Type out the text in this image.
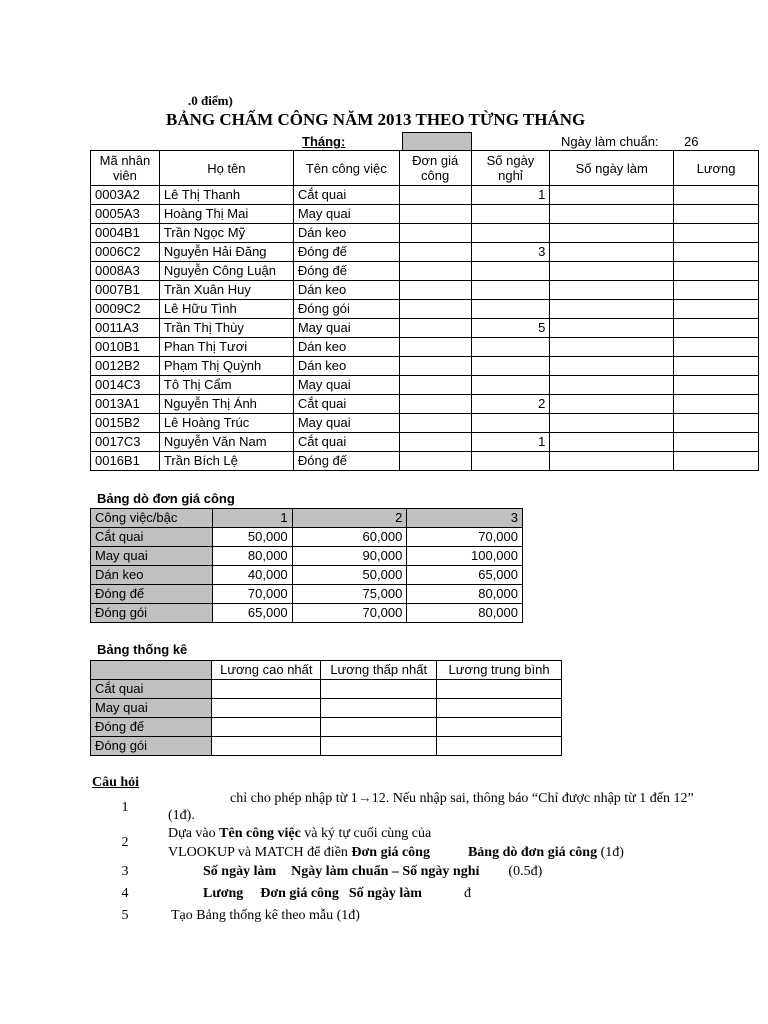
.0 điểm)
BẢNG CHẤM CÔNG NĂM 2013 THEO TỪNG THÁNG
Tháng:	Ngày làm chuẩn: 26
Mã nhân viên	Họ tên	Tên công việc	Đơn giá công	Số ngày nghỉ	Số ngày làm	Lương
0003A2	Lê Thị Thanh	Cắt quai		1		
0005A3	Hoàng Thị Mai	May quai				
0004B1	Trần Ngọc Mỹ	Dán keo				
0006C2	Nguyễn Hải Đăng	Đóng đế		3		
0008A3	Nguyễn Công Luận	Đóng đế				
0007B1	Trần Xuân Huy	Dán keo				
0009C2	Lê Hữu Tình	Đóng gói				
0011A3	Trần Thị Thùy	May quai		5		
0010B1	Phan Thị Tươi	Dán keo				
0012B2	Phạm Thị Quỳnh	Dán keo				
0014C3	Tô Thị Cẩm	May quai				
0013A1	Nguyễn Thị Ánh	Cắt quai		2		
0015B2	Lê Hoàng Trúc	May quai				
0017C3	Nguyễn Văn Nam	Cắt quai		1		
0016B1	Trần Bích Lệ	Đóng đế				
Bảng dò đơn giá công
Công việc/bậc	1	2	3
Cắt quai	50,000	60,000	70,000
May quai	80,000	90,000	100,000
Dán keo	40,000	50,000	65,000
Đóng đế	70,000	75,000	80,000
Đóng gói	65,000	70,000	80,000
Bảng thống kê
	Lương cao nhất	Lương thấp nhất	Lương trung bình
Cắt quai			
May quai			
Đóng đế			
Đóng gói			
Câu hỏi
1
chỉ cho phép nhập từ 1→12. Nếu nhập sai, thông báo “Chỉ được nhập từ 1 đến 12”
(1đ).
2
Dựa vào Tên công việc và ký tự cuối cùng của
VLOOKUP và MATCH để điền Đơn giá công	Bảng dò đơn giá công (1đ)
3	Số ngày làm Ngày làm chuẩn – Số ngày nghỉ (0.5đ)
4	Lương Đơn giá công Số ngày làm	đ
5	Tạo Bảng thống kê theo mẫu (1đ)
